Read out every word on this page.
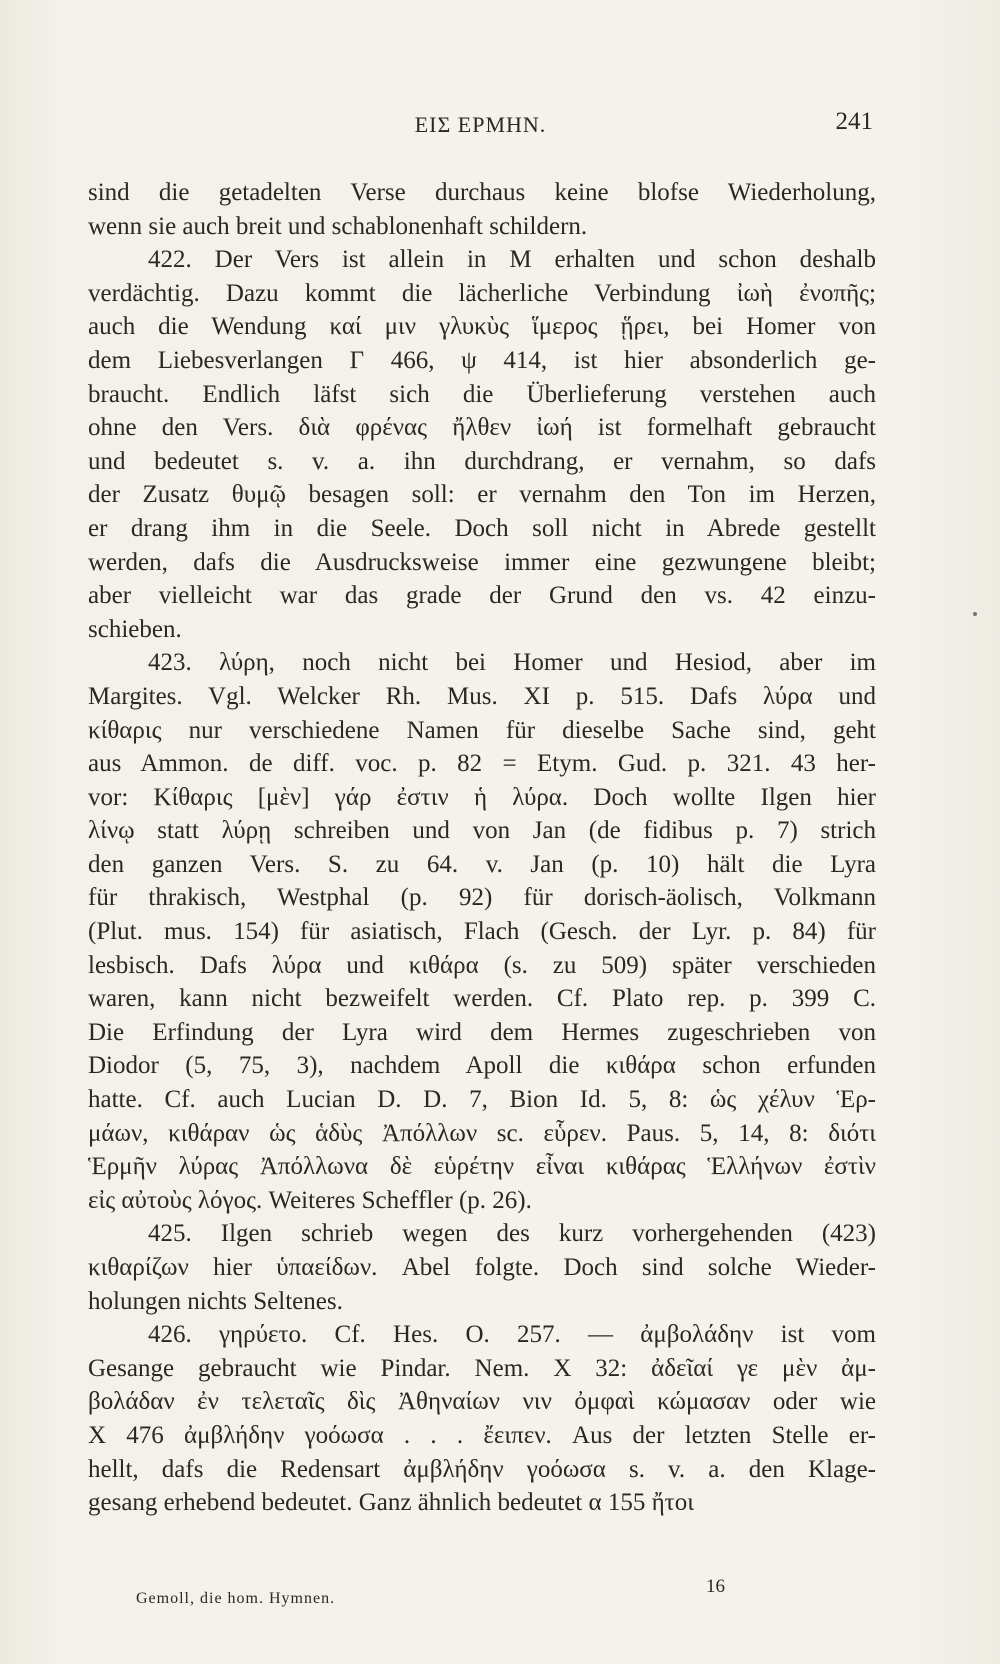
ΕΙΣ ΕΡΜΗΝ.	241
sind die getadelten Verse durchaus keine blofse Wiederholung,
wenn sie auch breit und schablonenhaft schildern.
422. Der Vers ist allein in M erhalten und schon deshalb
verdächtig. Dazu kommt die lächerliche Verbindung ἰωὴ ἐνοπῆς;
auch die Wendung καί μιν γλυκὺς ἵμερος ᾕρει, bei Homer von
dem Liebesverlangen Γ 466, ψ 414, ist hier absonderlich ge-
braucht. Endlich läfst sich die Überlieferung verstehen auch
ohne den Vers. διὰ φρένας ἤλθεν ἰωή ist formelhaft gebraucht
und bedeutet s. v. a. ihn durchdrang, er vernahm, so dafs
der Zusatz θυμῷ besagen soll: er vernahm den Ton im Herzen,
er drang ihm in die Seele. Doch soll nicht in Abrede gestellt
werden, dafs die Ausdrucksweise immer eine gezwungene bleibt;
aber vielleicht war das grade der Grund den vs. 42 einzu-
schieben.
423. λύρη, noch nicht bei Homer und Hesiod, aber im
Margites. Vgl. Welcker Rh. Mus. XI p. 515. Dafs λύρα und
κίθαρις nur verschiedene Namen für dieselbe Sache sind, geht
aus Ammon. de diff. voc. p. 82 = Etym. Gud. p. 321. 43 her-
vor: Κίθαρις [μὲν] γάρ ἐστιν ἡ λύρα. Doch wollte Ilgen hier
λίνῳ statt λύρῃ schreiben und von Jan (de fidibus p. 7) strich
den ganzen Vers. S. zu 64. v. Jan (p. 10) hält die Lyra
für thrakisch, Westphal (p. 92) für dorisch-äolisch, Volkmann
(Plut. mus. 154) für asiatisch, Flach (Gesch. der Lyr. p. 84) für
lesbisch. Dafs λύρα und κιθάρα (s. zu 509) später verschieden
waren, kann nicht bezweifelt werden. Cf. Plato rep. p. 399 C.
Die Erfindung der Lyra wird dem Hermes zugeschrieben von
Diodor (5, 75, 3), nachdem Apoll die κιθάρα schon erfunden
hatte. Cf. auch Lucian D. D. 7, Bion Id. 5, 8: ὡς χέλυν Ἑρ-
μάων, κιθάραν ὡς ἁδὺς Ἀπόλλων sc. εὗρεν. Paus. 5, 14, 8: διότι
Ἑρμῆν λύρας Ἀπόλλωνα δὲ εὑρέτην εἶναι κιθάρας Ἑλλήνων ἐστὶν
εἰς αὐτοὺς λόγος. Weiteres Scheffler (p. 26).
425. Ilgen schrieb wegen des kurz vorhergehenden (423)
κιθαρίζων hier ὑπαείδων. Abel folgte. Doch sind solche Wieder-
holungen nichts Seltenes.
426. γηρύετο. Cf. Hes. O. 257. — ἀμβολάδην ist vom
Gesange gebraucht wie Pindar. Nem. X 32: ἀδεῖαί γε μὲν ἀμ-
βολάδαν ἐν τελεταῖς δὶς Ἀθηναίων νιν ὀμφαὶ κώμασαν oder wie
X 476 ἀμβλήδην γοόωσα . . . ἔειπεν. Aus der letzten Stelle er-
hellt, dafs die Redensart ἀμβλήδην γοόωσα s. v. a. den Klage-
gesang erhebend bedeutet. Ganz ähnlich bedeutet α 155 ἤτοι
Gemoll, die hom. Hymnen.
16
